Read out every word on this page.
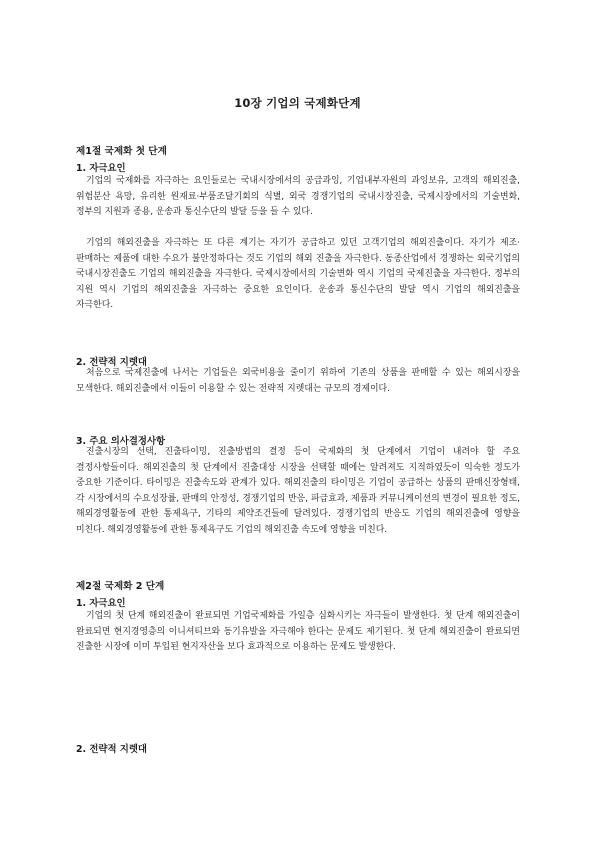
10장 기업의 국제화단계
제1절 국제화 첫 단계
1. 자극요인

기업의 국제화를 자극하는 요인들로는 국내시장에서의 공급과잉, 기업내부자원의 과잉보유, 고객의 해외진출, 위험분산 욕망, 유리한 원재료·부품조달기회의 식별, 외국 경쟁기업의 국내시장진출, 국제시장에서의 기술변화, 정부의 지원과 종용, 운송과 통신수단의 발달 등을 들 수 있다.

기업의 해외진출을 자극하는 또 다른 계기는 자기가 공급하고 있던 고객기업의 해외진출이다. 자기가 제조·판매하는 제품에 대한 수요가 불안정하다는 것도 기업의 해외 진출을 자극한다. 동종산업에서 경쟁하는 외국기업의 국내시장진출도 기업의 해외진출을 자극한다. 국제시장에서의 기술변화 역시 기업의 국제진출을 자극한다. 정부의 지원 역시 기업의 해외진출을 자극하는 중요한 요인이다. 운송과 통신수단의 발달 역시 기업의 해외진출을 자극한다.

2. 전략적 지렛대

처음으로 국제진출에 나서는 기업들은 외국비용을 줄이기 위하여 기존의 상품을 판매할 수 있는 해외시장을 모색한다. 해외진출에서 이들이 이용할 수 있는 전략적 지렛대는 규모의 경제이다.

3. 주요 의사결정사항

진출시장의 선택, 진출타이밍, 진출방법의 결정 등이 국제화의 첫 단계에서 기업이 내려야 할 주요 결정사항들이다. 해외진출의 첫 단계에서 진출대상 시장을 선택할 때에는 알려져도 지적하였듯이 익숙한 정도가 중요한 기준이다. 타이밍은 진출속도와 관계가 있다. 해외진출의 타이밍은 기업이 공급하는 상품의 판매신장형태, 각 시장에서의 수요성장률, 판매의 안정성, 경쟁기업의 반응, 파급효과, 제품과 커뮤니케이션의 변경이 필요한 정도, 해외경영활동에 관한 통제욕구, 기타의 제약조건들에 달려있다. 경쟁기업의 반응도 기업의 해외진출에 영향을 미친다. 해외경영활동에 관한 통제욕구도 기업의 해외진출 속도에 영향을 미친다.

제2절 국제화 2 단계
1. 자극요인

기업의 첫 단계 해외진출이 완료되면 기업국제화를 가일층 심화시키는 자극들이 발생한다. 첫 단계 해외진출이 완료되면 현지경영층의 이니셔티브와 동기유발을 자극해야 한다는 문제도 제기된다. 첫 단계 해외진출이 완료되면 진출한 시장에 이미 투입된 현지자산을 보다 효과적으로 이용하는 문제도 발생한다.

2. 전략적 지렛대
